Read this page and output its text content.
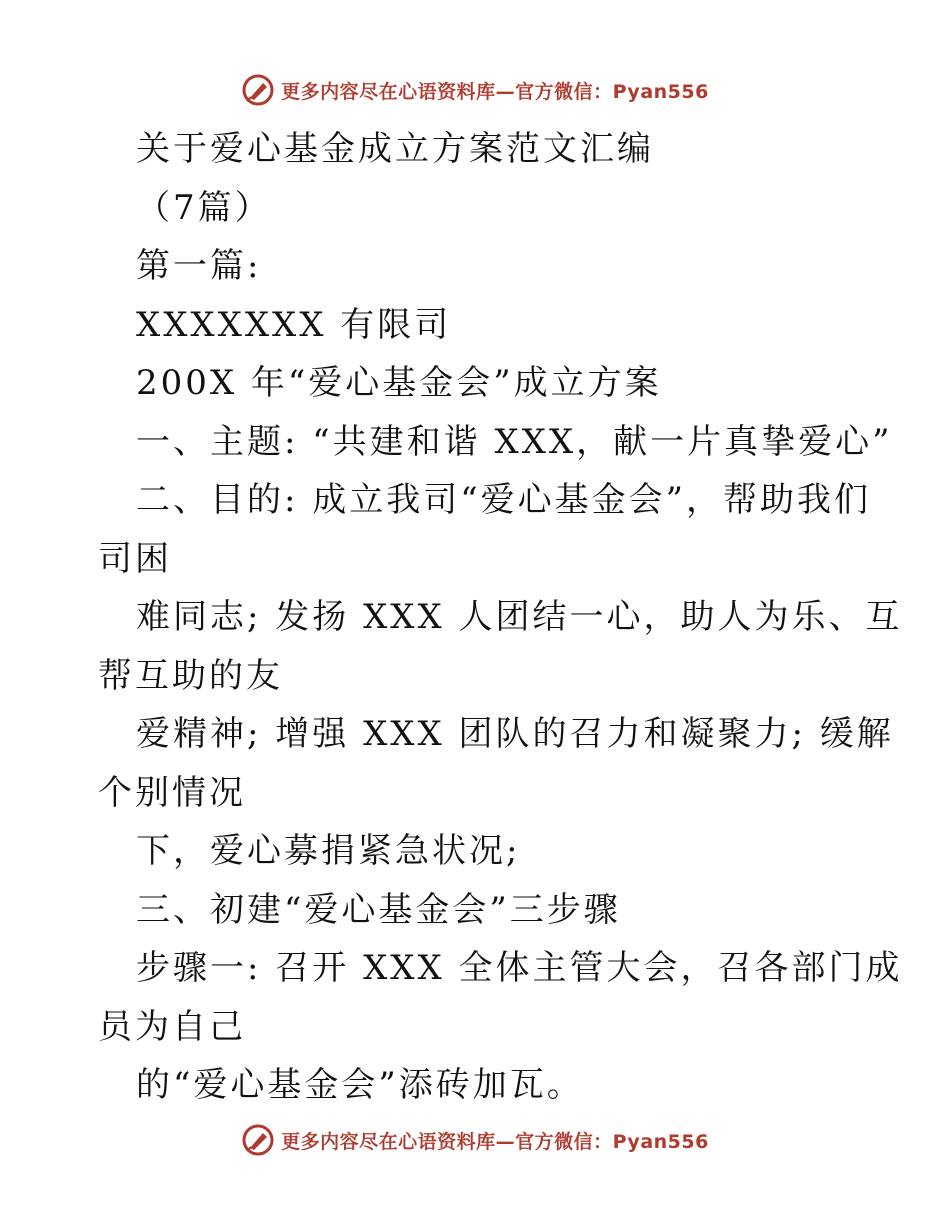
更多内容尽在心语资料库—官方微信：Pyan556
关于爱心基金成立方案范文汇编
（7篇）
第一篇:
XXXXXXX 有限司
200X 年“爱心基金会”成立方案
一、主题: “共建和谐 XXX，献一片真挚爱心”
二、目的: 成立我司“爱心基金会”，帮助我们
司困
难同志; 发扬 XXX 人团结一心，助人为乐、互
帮互助的友
爱精神; 增强 XXX 团队的召力和凝聚力; 缓解
个别情况
下，爱心募捐紧急状况;
三、初建“爱心基金会”三步骤
步骤一: 召开 XXX 全体主管大会，召各部门成
员为自己
的“爱心基金会”添砖加瓦。
更多内容尽在心语资料库—官方微信：Pyan556
